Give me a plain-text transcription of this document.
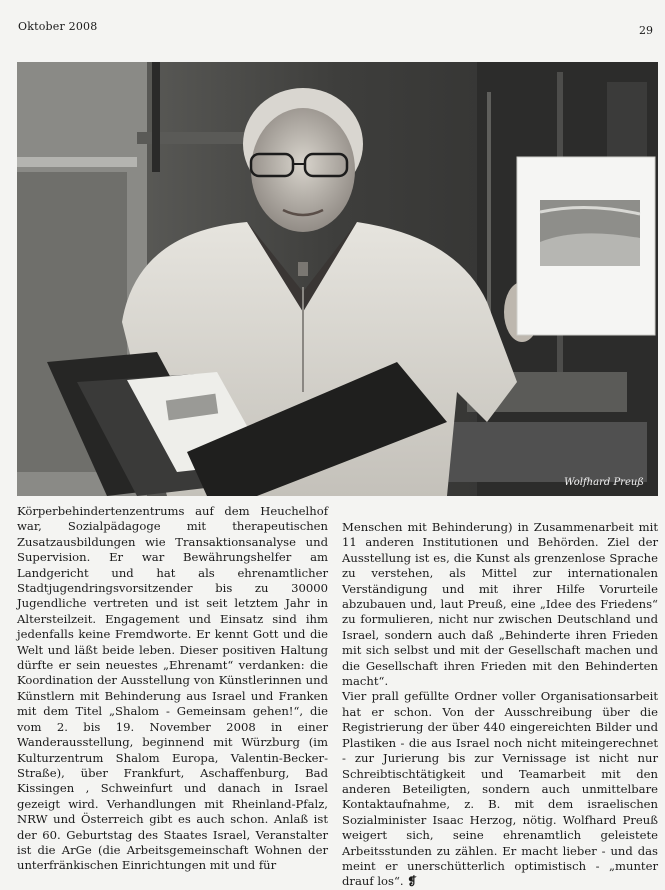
Oktober 2008	29
Wolfhard Preuß

Körperbehindertenzentrums auf dem Heuchelhof war, Sozialpädagoge mit therapeutischen Zusatzausbildungen wie Transaktionsanalyse und Supervision. Er war Bewährungshelfer am Landgericht und hat als ehrenamtlicher Stadtjugendringsvorsitzender bis zu 30000 Jugendliche vertreten und ist seit letztem Jahr in Altersteilzeit. Engagement und Einsatz sind ihm jedenfalls keine Fremdworte. Er kennt Gott und die Welt und läßt beide leben. Dieser positiven Haltung dürfte er sein neuestes „Ehrenamt“ verdanken: die Koordination der Ausstellung von Künstlerinnen und Künstlern mit Behinderung aus Israel und Franken mit dem Titel „Shalom - Gemeinsam gehen!“, die vom 2. bis 19. November 2008 in einer Wanderausstellung, beginnend mit Würzburg (im Kulturzentrum Shalom Europa, Valentin-Becker-Straße), über Frankfurt, Aschaffenburg, Bad Kissingen , Schweinfurt und danach in Israel gezeigt wird. Verhandlungen mit Rheinland-Pfalz, NRW und Österreich gibt es auch schon. Anlaß ist der 60. Geburtstag des Staates Israel, Veranstalter ist die ArGe (die Arbeitsgemeinschaft Wohnen der unterfränkischen Einrichtungen mit und für

Menschen mit Behinderung) in Zusammenarbeit mit 11 anderen Institutionen und Behörden. Ziel der Ausstellung ist es, die Kunst als grenzenlose Sprache zu verstehen, als Mittel zur internationalen Verständigung und mit ihrer Hilfe Vorurteile abzubauen und, laut Preuß, eine „Idee des Friedens“ zu formulieren, nicht nur zwischen Deutschland und Israel, sondern auch daß „Behinderte ihren Frieden mit sich selbst und mit der Gesellschaft machen und die Gesellschaft ihren Frieden mit den Behinderten macht“.

Vier prall gefüllte Ordner voller Organisationsarbeit hat er schon. Von der Ausschreibung über die Registrierung der über 440 eingereichten Bilder und Plastiken - die aus Israel noch nicht miteingerechnet - zur Jurierung bis zur Vernissage ist nicht nur Schreibtischtätigkeit und Teamarbeit mit den anderen Beteiligten, sondern auch unmittelbare Kontaktaufnahme, z. B. mit dem israelischen Sozialminister Isaac Herzog, nötig. Wolfhard Preuß weigert sich, seine ehrenamtlich geleistete Arbeitsstunden zu zählen. Er macht lieber - und das meint er unerschütterlich optimistisch - „munter drauf los“. ❡
